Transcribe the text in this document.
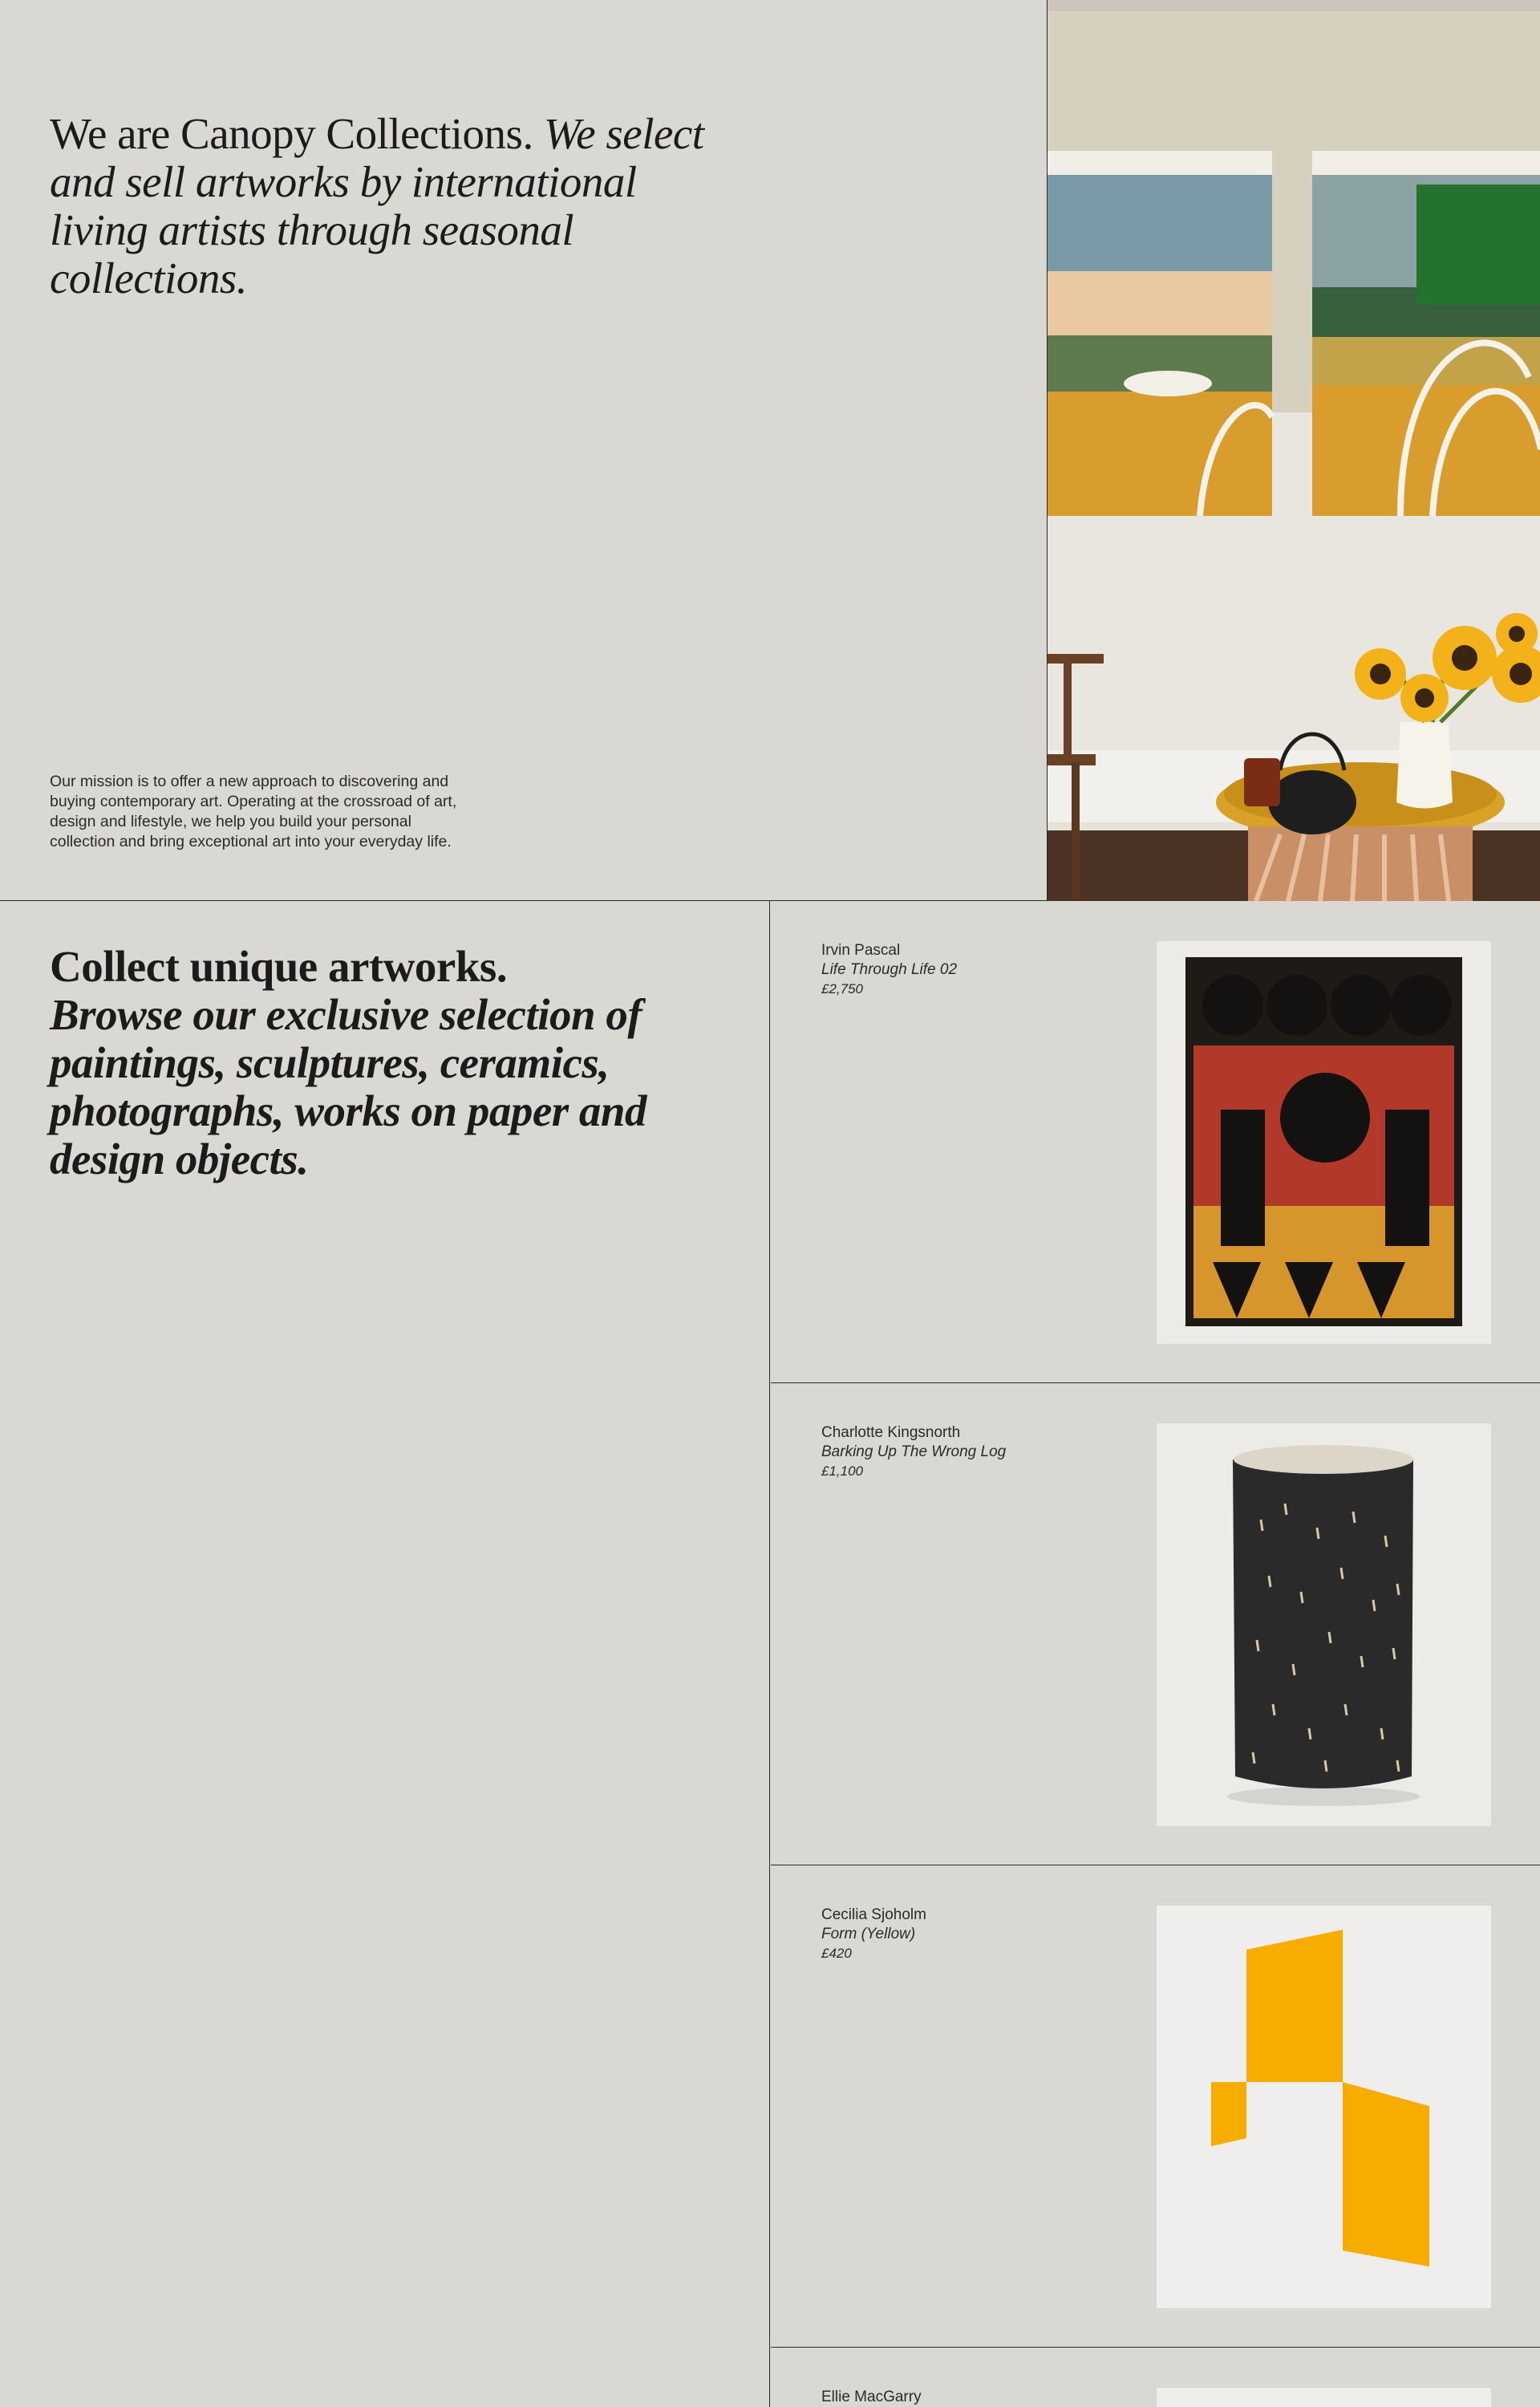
We are Canopy Collections. We select and sell artworks by international living artists through seasonal collections.

Our mission is to offer a new approach to discovering and buying contemporary art. Operating at the crossroad of art, design and lifestyle, we help you build your personal collection and bring exceptional art into your everyday life.

Collect unique artworks.
Browse our exclusive selection of paintings, sculptures, ceramics, photographs, works on paper and design objects.
Irvin Pascal
Life Through Life 02
£2,750
Charlotte Kingsnorth
Barking Up The Wrong Log
£1,100
Cecilia Sjoholm
Form (Yellow)
£420
Ellie MacGarry
